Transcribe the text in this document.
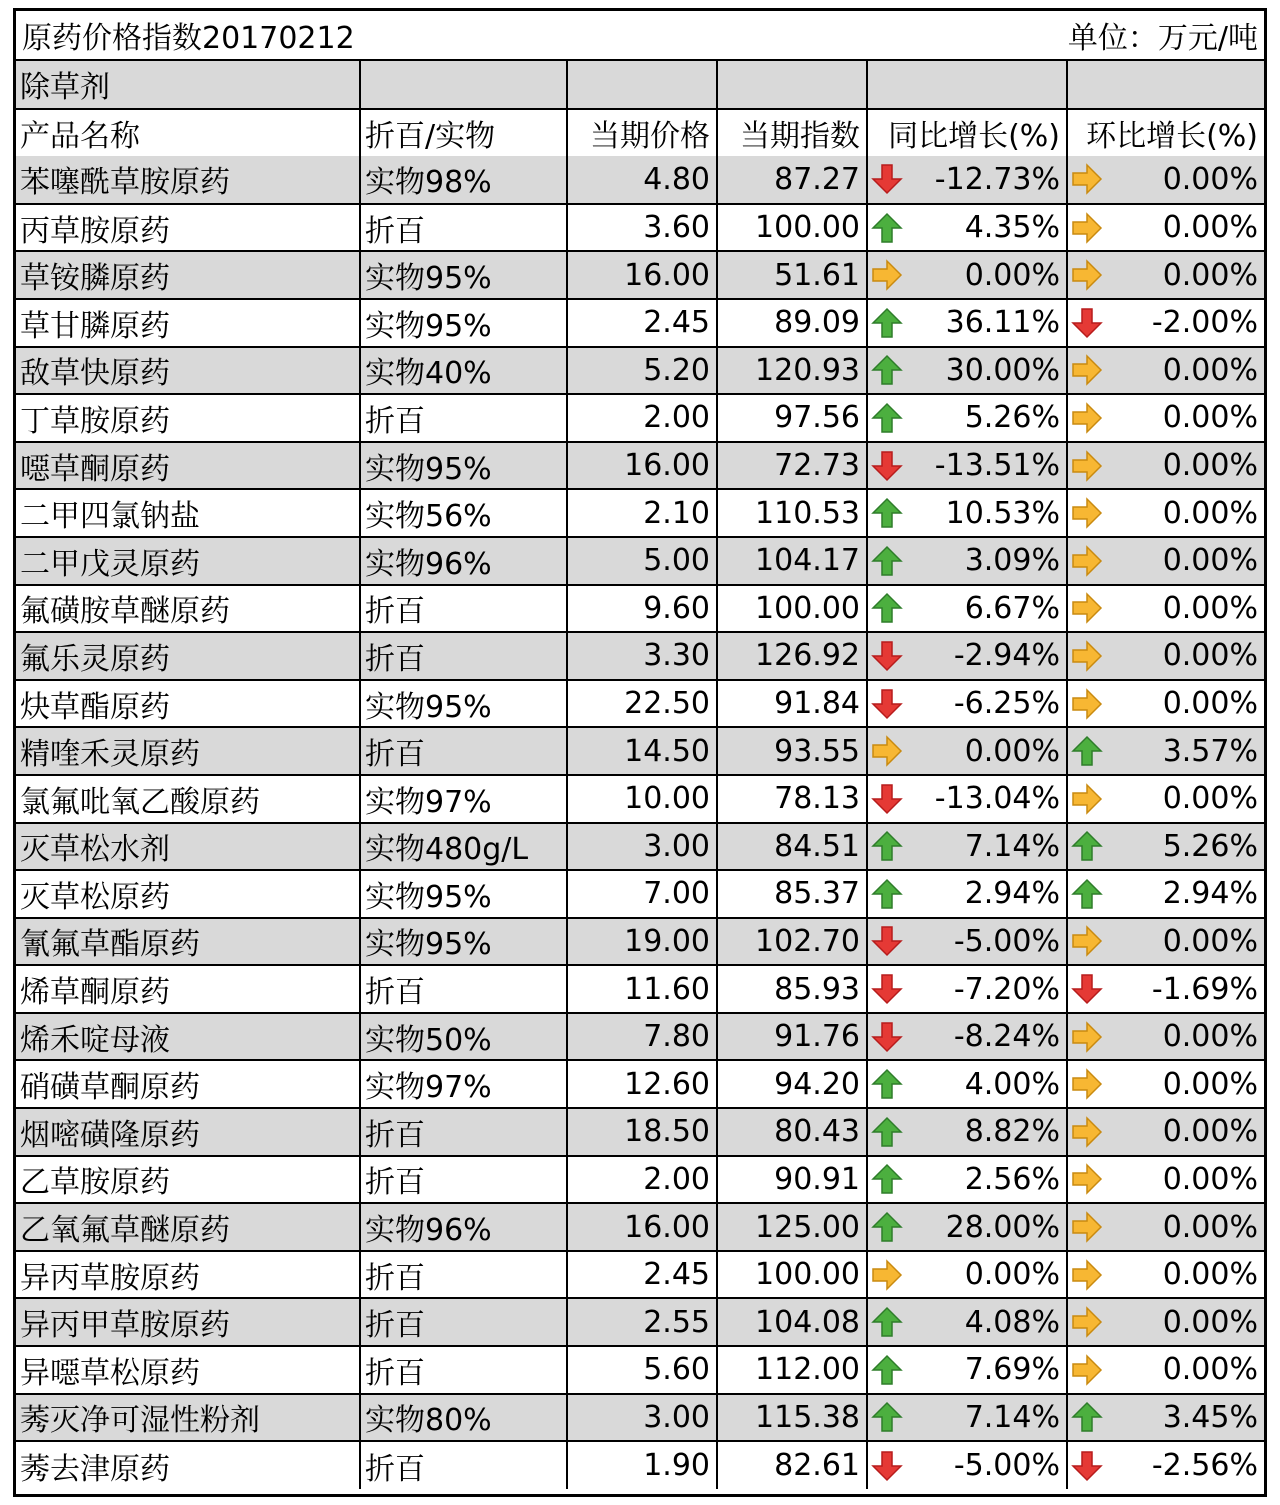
原药价格指数20170212	单位：万元/吨
除草剂					
产品名称	折百/实物	当期价格	当期指数	同比增长(%)	环比增长(%)
苯噻酰草胺原药	实物98%	4.80	87.27	-12.73%	0.00%

丙草胺原药	折百	3.60	100.00	4.35%	0.00%

草铵膦原药	实物95%	16.00	51.61	0.00%	0.00%

草甘膦原药	实物95%	2.45	89.09	36.11%	-2.00%

敌草快原药	实物40%	5.20	120.93	30.00%	0.00%

丁草胺原药	折百	2.00	97.56	5.26%	0.00%

噁草酮原药	实物95%	16.00	72.73	-13.51%	0.00%

二甲四氯钠盐	实物56%	2.10	110.53	10.53%	0.00%

二甲戊灵原药	实物96%	5.00	104.17	3.09%	0.00%

氟磺胺草醚原药	折百	9.60	100.00	6.67%	0.00%

氟乐灵原药	折百	3.30	126.92	-2.94%	0.00%

炔草酯原药	实物95%	22.50	91.84	-6.25%	0.00%

精喹禾灵原药	折百	14.50	93.55	0.00%	3.57%

氯氟吡氧乙酸原药	实物97%	10.00	78.13	-13.04%	0.00%

灭草松水剂	实物480g/L	3.00	84.51	7.14%	5.26%

灭草松原药	实物95%	7.00	85.37	2.94%	2.94%

氰氟草酯原药	实物95%	19.00	102.70	-5.00%	0.00%

烯草酮原药	折百	11.60	85.93	-7.20%	-1.69%

烯禾啶母液	实物50%	7.80	91.76	-8.24%	0.00%

硝磺草酮原药	实物97%	12.60	94.20	4.00%	0.00%

烟嘧磺隆原药	折百	18.50	80.43	8.82%	0.00%

乙草胺原药	折百	2.00	90.91	2.56%	0.00%

乙氧氟草醚原药	实物96%	16.00	125.00	28.00%	0.00%

异丙草胺原药	折百	2.45	100.00	0.00%	0.00%

异丙甲草胺原药	折百	2.55	104.08	4.08%	0.00%

异噁草松原药	折百	5.60	112.00	7.69%	0.00%

莠灭净可湿性粉剂	实物80%	3.00	115.38	7.14%	3.45%

莠去津原药	折百	1.90	82.61	-5.00%	-2.56%
